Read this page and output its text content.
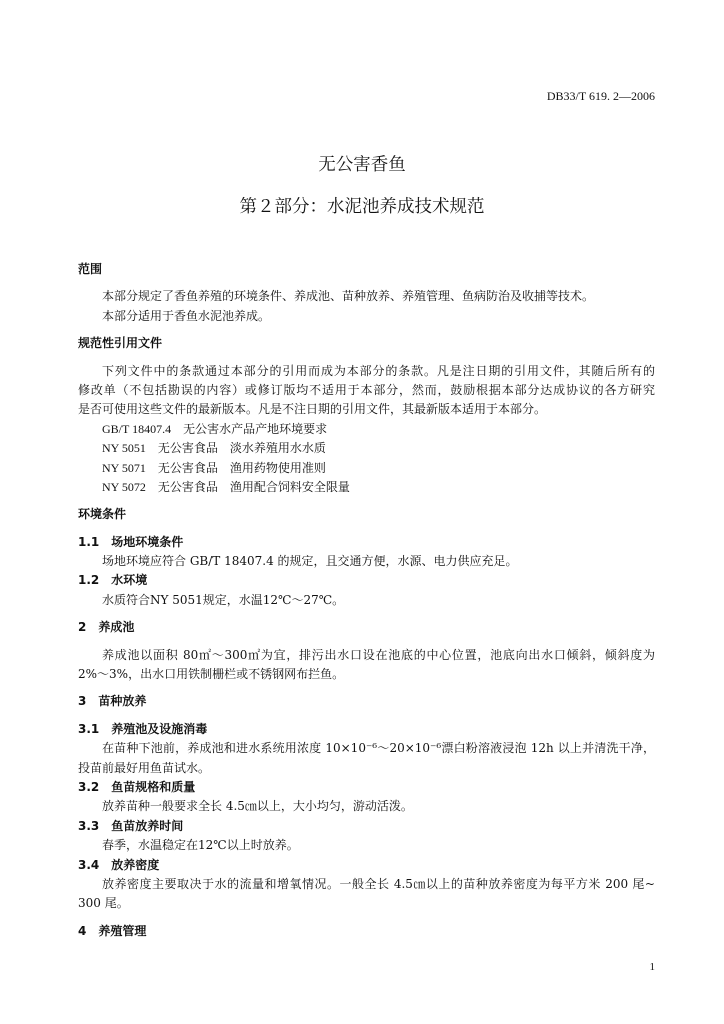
DB33/T 619. 2—2006
无公害香鱼
第２部分：水泥池养成技术规范
范围
本部分规定了香鱼养殖的环境条件、养成池、苗种放养、养殖管理、鱼病防治及收捕等技术。
本部分适用于香鱼水泥池养成。
规范性引用文件
下列文件中的条款通过本部分的引用而成为本部分的条款。凡是注日期的引用文件，其随后所有的
修改单（不包括勘误的内容）或修订版均不适用于本部分，然而，鼓励根据本部分达成协议的各方研究
是否可使用这些文件的最新版本。凡是不注日期的引用文件，其最新版本适用于本部分。
GB/T 18407.4 无公害水产品产地环境要求
NY 5051 无公害食品　淡水养殖用水水质
NY 5071 无公害食品　渔用药物使用准则
NY 5072 无公害食品　渔用配合饲料安全限量
环境条件
1.1 场地环境条件
场地环境应符合 GB/T 18407.4 的规定，且交通方便，水源、电力供应充足。
1.2 水环境
水质符合NY 5051规定，水温12℃～27℃。
2 养成池
养成池以面积 80㎡～300㎡为宜，排污出水口设在池底的中心位置，池底向出水口倾斜，倾斜度为
2%～3%，出水口用铁制栅栏或不锈钢网布拦鱼。
3 苗种放养
3.1 养殖池及设施消毒
在苗种下池前，养成池和进水系统用浓度 10×10⁻⁶～20×10⁻⁶漂白粉溶液浸泡 12h 以上并清洗干净，
投苗前最好用鱼苗试水。
3.2 鱼苗规格和质量
放养苗种一般要求全长 4.5㎝以上，大小均匀，游动活泼。
3.3 鱼苗放养时间
春季，水温稳定在12℃以上时放养。
3.4 放养密度
放养密度主要取决于水的流量和增氧情况。一般全长 4.5㎝以上的苗种放养密度为每平方米 200 尾~
300 尾。
4 养殖管理
1
